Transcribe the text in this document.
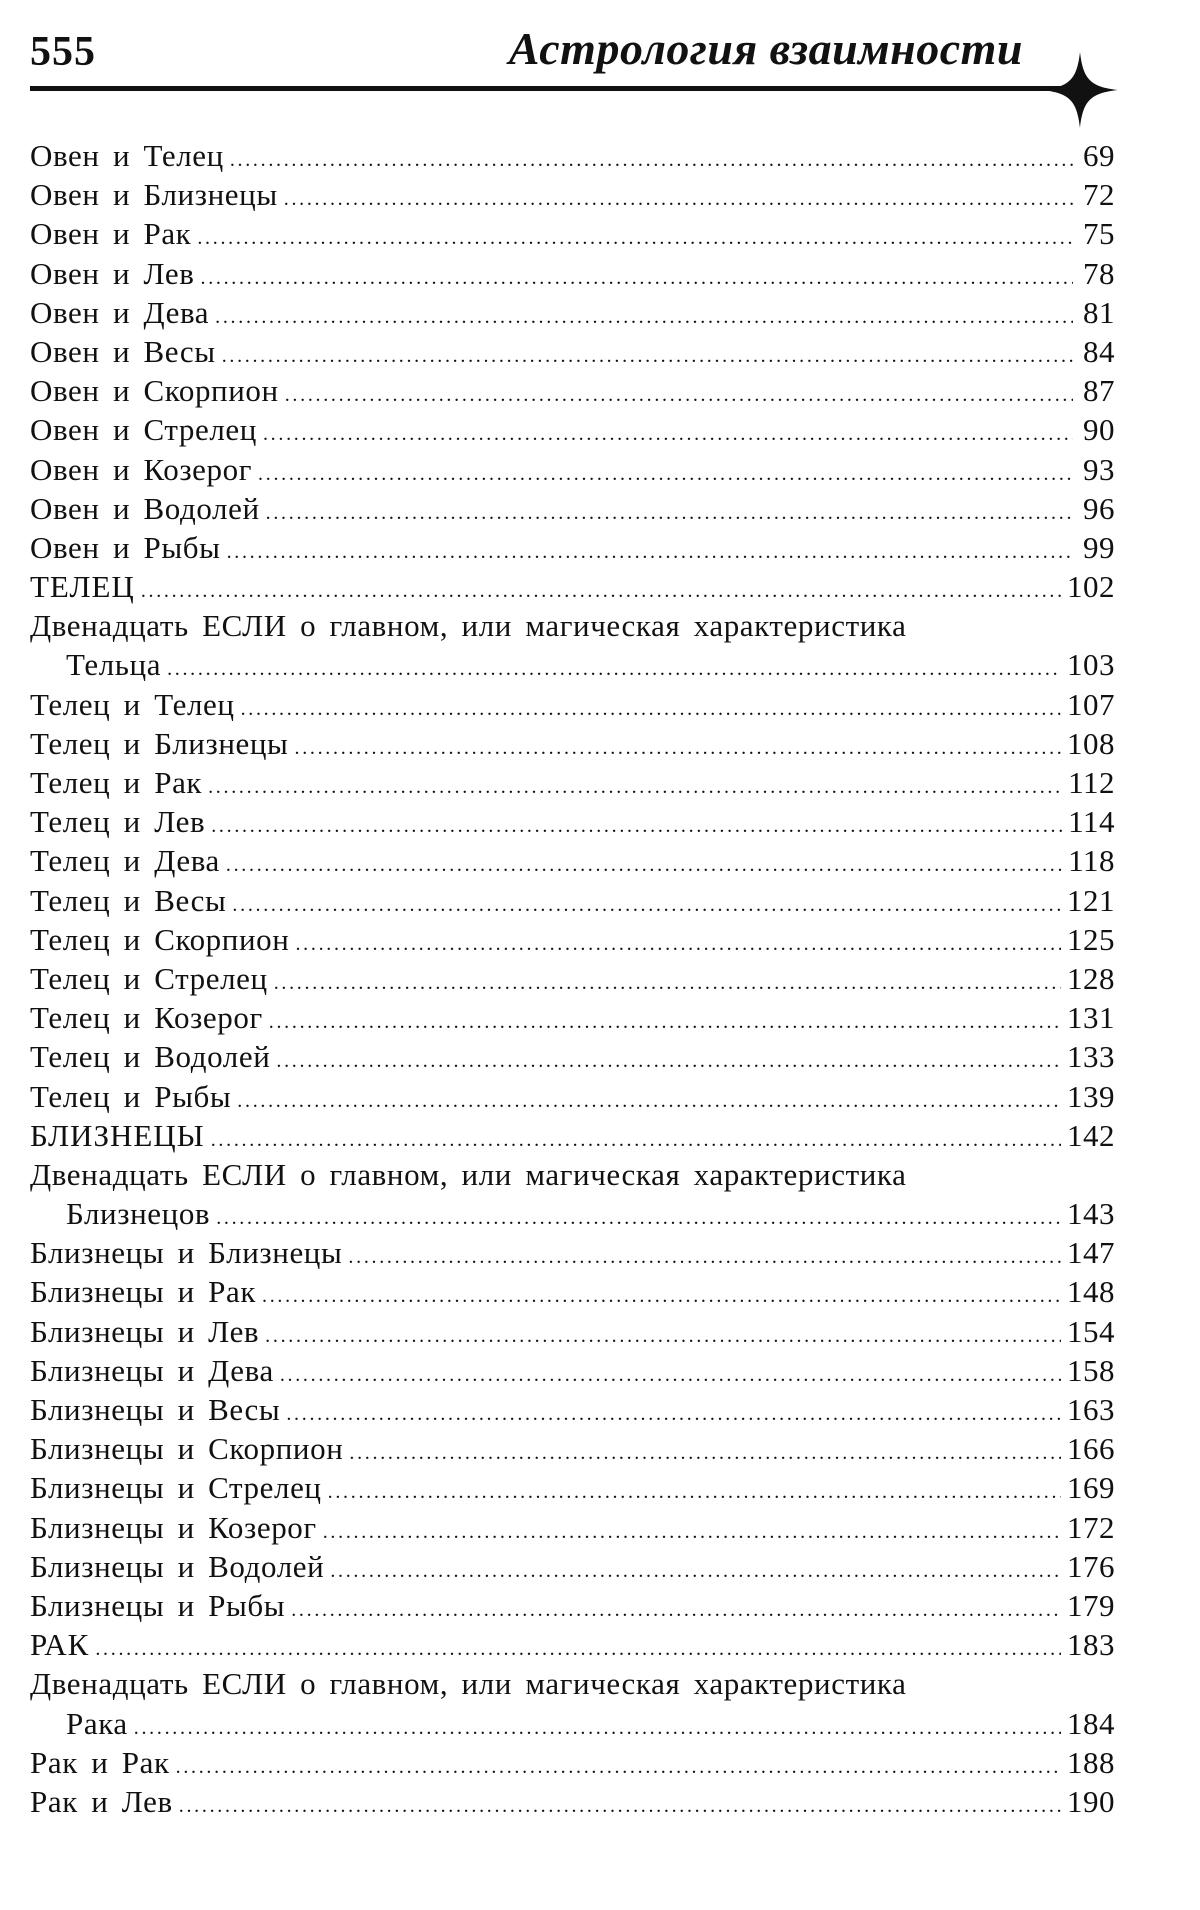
555	Астрология взаимности
Овен и Телец
.....	69
Овен и Близнецы
.....	72
Овен и Рак
.....	75
Овен и Лев
.....	78
Овен и Дева
.....	81
Овен и Весы
.....	84
Овен и Скорпион
.....	87
Овен и Стрелец
.....	90
Овен и Козерог
.....	93
Овен и Водолей
.....	96
Овен и Рыбы
.....	99
ТЕЛЕЦ
.....	102
Двенадцать ЕСЛИ о главном, или магическая характеристика
Тельца
.....	103
Телец и Телец
.....	107
Телец и Близнецы
.....	108
Телец и Рак
.....	112
Телец и Лев
.....	114
Телец и Дева
.....	118
Телец и Весы
.....	121
Телец и Скорпион
.....	125
Телец и Стрелец
.....	128
Телец и Козерог
.....	131
Телец и Водолей
.....	133
Телец и Рыбы
.....	139
БЛИЗНЕЦЫ
.....	142
Двенадцать ЕСЛИ о главном, или магическая характеристика
Близнецов
.....	143
Близнецы и Близнецы
.....	147
Близнецы и Рак
.....	148
Близнецы и Лев
.....	154
Близнецы и Дева
.....	158
Близнецы и Весы
.....	163
Близнецы и Скорпион
.....	166
Близнецы и Стрелец
.....	169
Близнецы и Козерог
.....	172
Близнецы и Водолей
.....	176
Близнецы и Рыбы
.....	179
РАК
.....	183
Двенадцать ЕСЛИ о главном, или магическая характеристика
Рака
.....	184
Рак и Рак
.....	188
Рак и Лев
.....	190
